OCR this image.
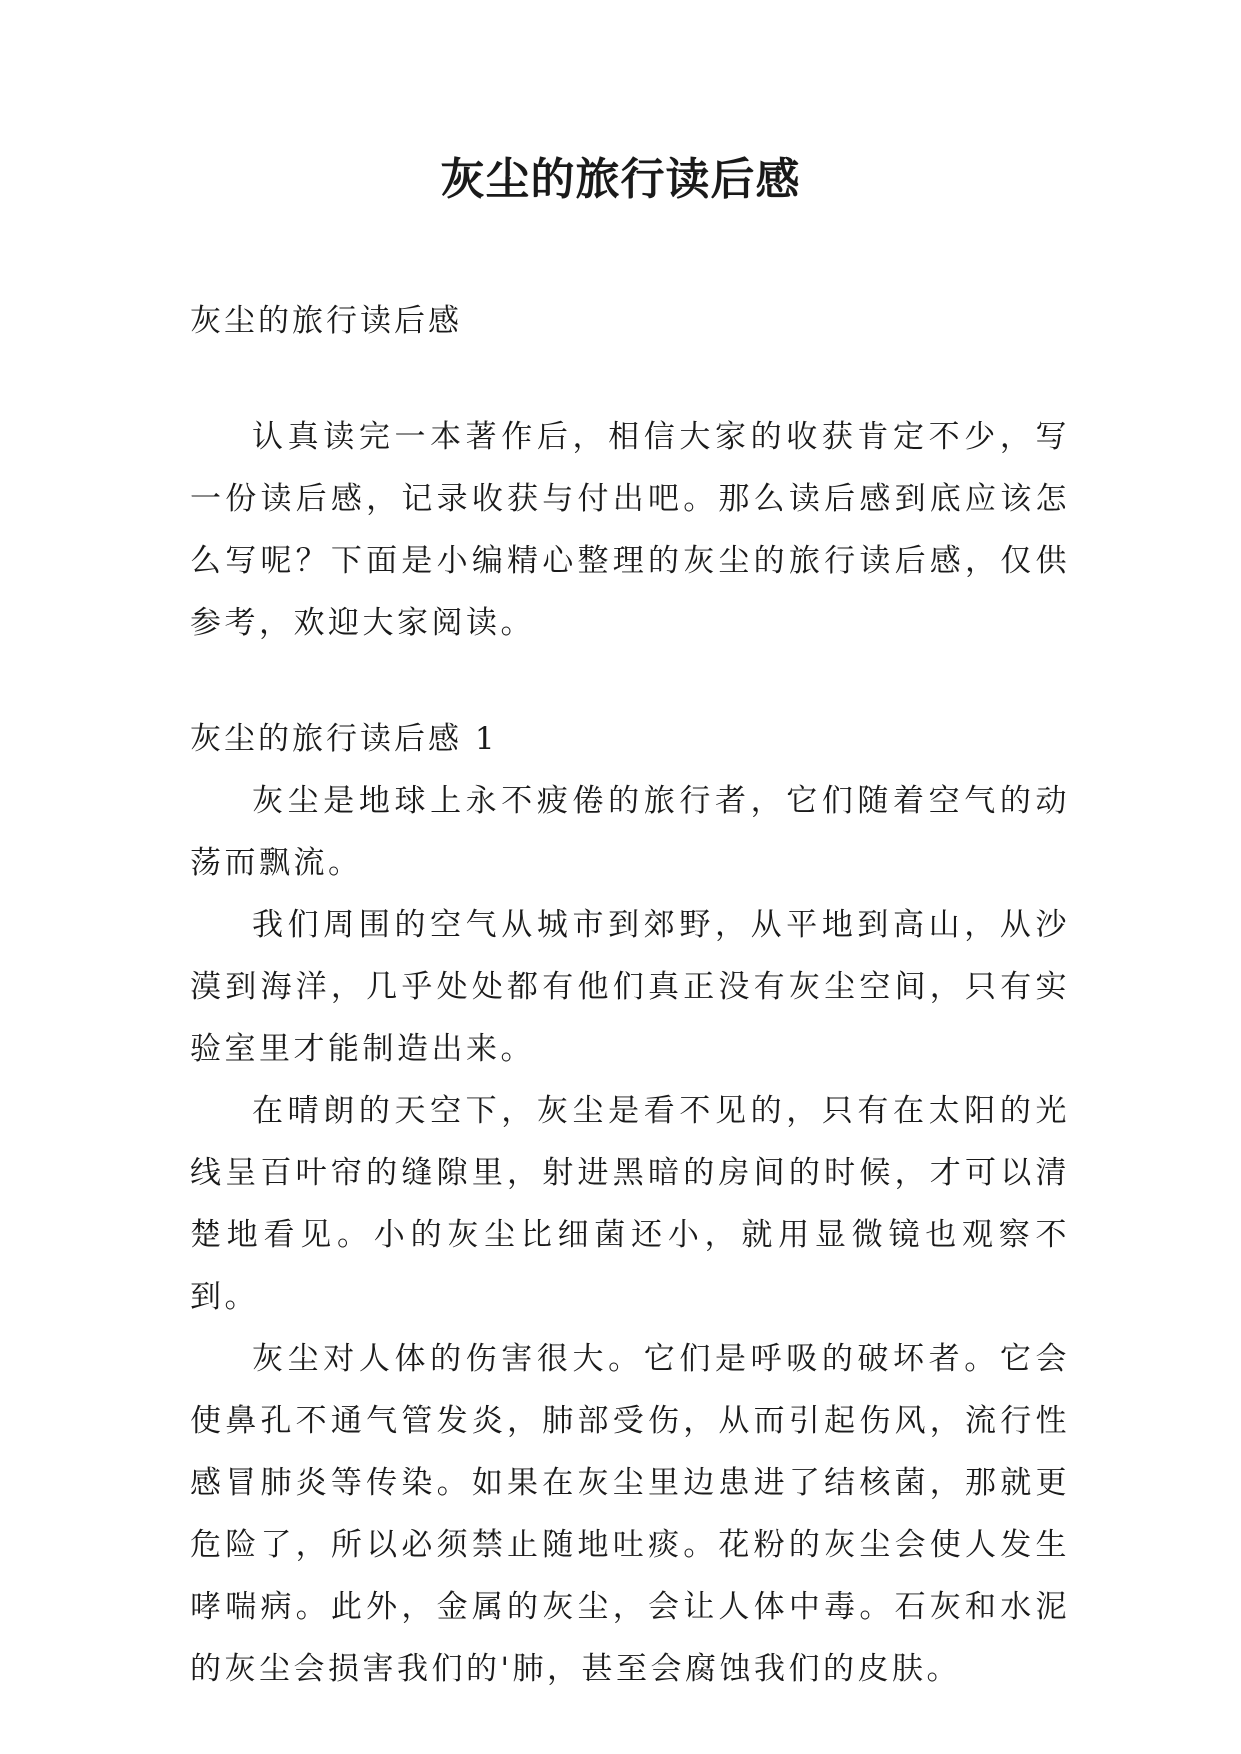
灰尘的旅行读后感

灰尘的旅行读后感

认真读完一本著作后，相信大家的收获肯定不少，写一份读后感，记录收获与付出吧。那么读后感到底应该怎么写呢？下面是小编精心整理的灰尘的旅行读后感，仅供参考，欢迎大家阅读。

灰尘的旅行读后感 1

灰尘是地球上永不疲倦的旅行者，它们随着空气的动荡而飘流。

我们周围的空气从城市到郊野，从平地到高山，从沙漠到海洋，几乎处处都有他们真正没有灰尘空间，只有实验室里才能制造出来。

在晴朗的天空下，灰尘是看不见的，只有在太阳的光线呈百叶帘的缝隙里，射进黑暗的房间的时候，才可以清楚地看见。小的灰尘比细菌还小，就用显微镜也观察不到。

灰尘对人体的伤害很大。它们是呼吸的破坏者。它会使鼻孔不通气管发炎，肺部受伤，从而引起伤风，流行性感冒肺炎等传染。如果在灰尘里边患进了结核菌，那就更危险了，所以必须禁止随地吐痰。花粉的灰尘会使人发生哮喘病。此外，金属的灰尘，会让人体中毒。石灰和水泥的灰尘会损害我们的'肺，甚至会腐蚀我们的皮肤。
